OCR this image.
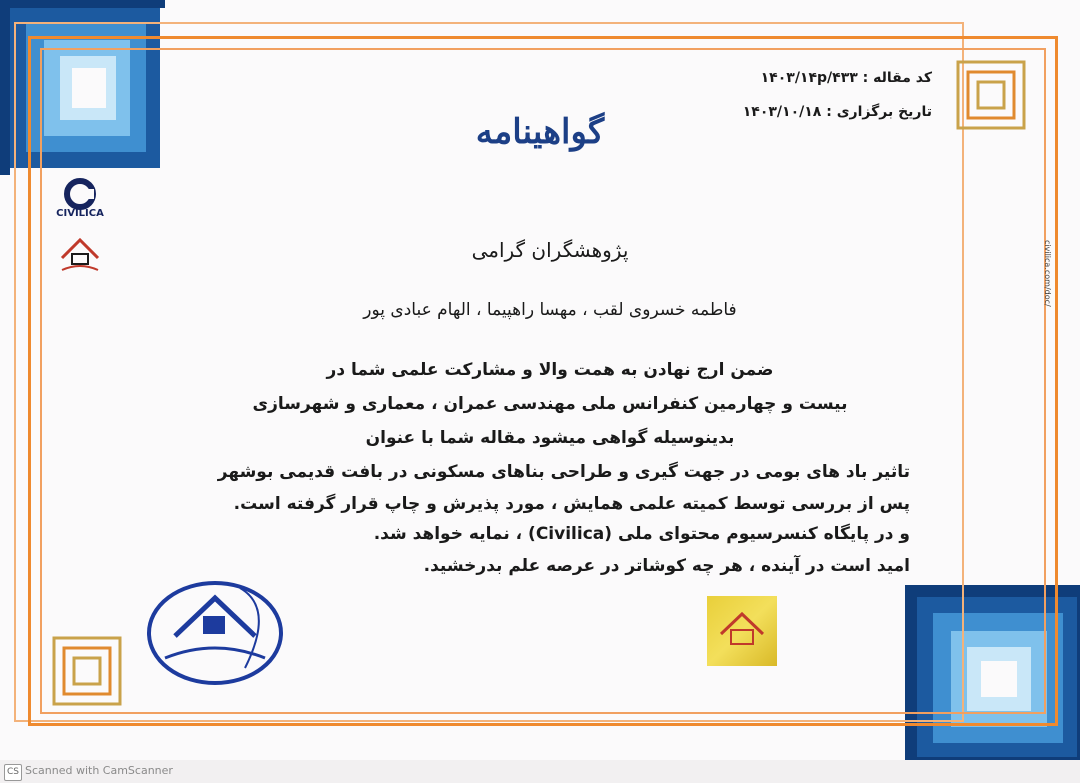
CIVILICA
کد مقاله : ۱۴۰۳/۱۴p/۴۳۳
تاریخ برگزاری : ۱۴۰۳/۱۰/۱۸
گواهینامه
پژوهشگران گرامی
فاطمه خسروی لقب ، مهسا راهپیما ، الهام عبادی پور
ضمن ارج نهادن به همت والا و مشارکت علمی شما در
بیست و چهارمین کنفرانس ملی مهندسی عمران ، معماری و شهرسازی
بدینوسیله گواهی میشود مقاله شما با عنوان
تاثیر باد های بومی در جهت گیری و طراحی بناهای مسکونی در بافت قدیمی بوشهر
پس از بررسی توسط کمیته علمی همایش ، مورد پذیرش و چاپ قرار گرفته است.
و در پایگاه کنسرسیوم محتوای ملی (Civilica) ، نمایه خواهد شد.
امید است در آینده ، هر چه کوشاتر در عرصه علم بدرخشید.
civilica.com/doc/
CS Scanned with CamScanner
